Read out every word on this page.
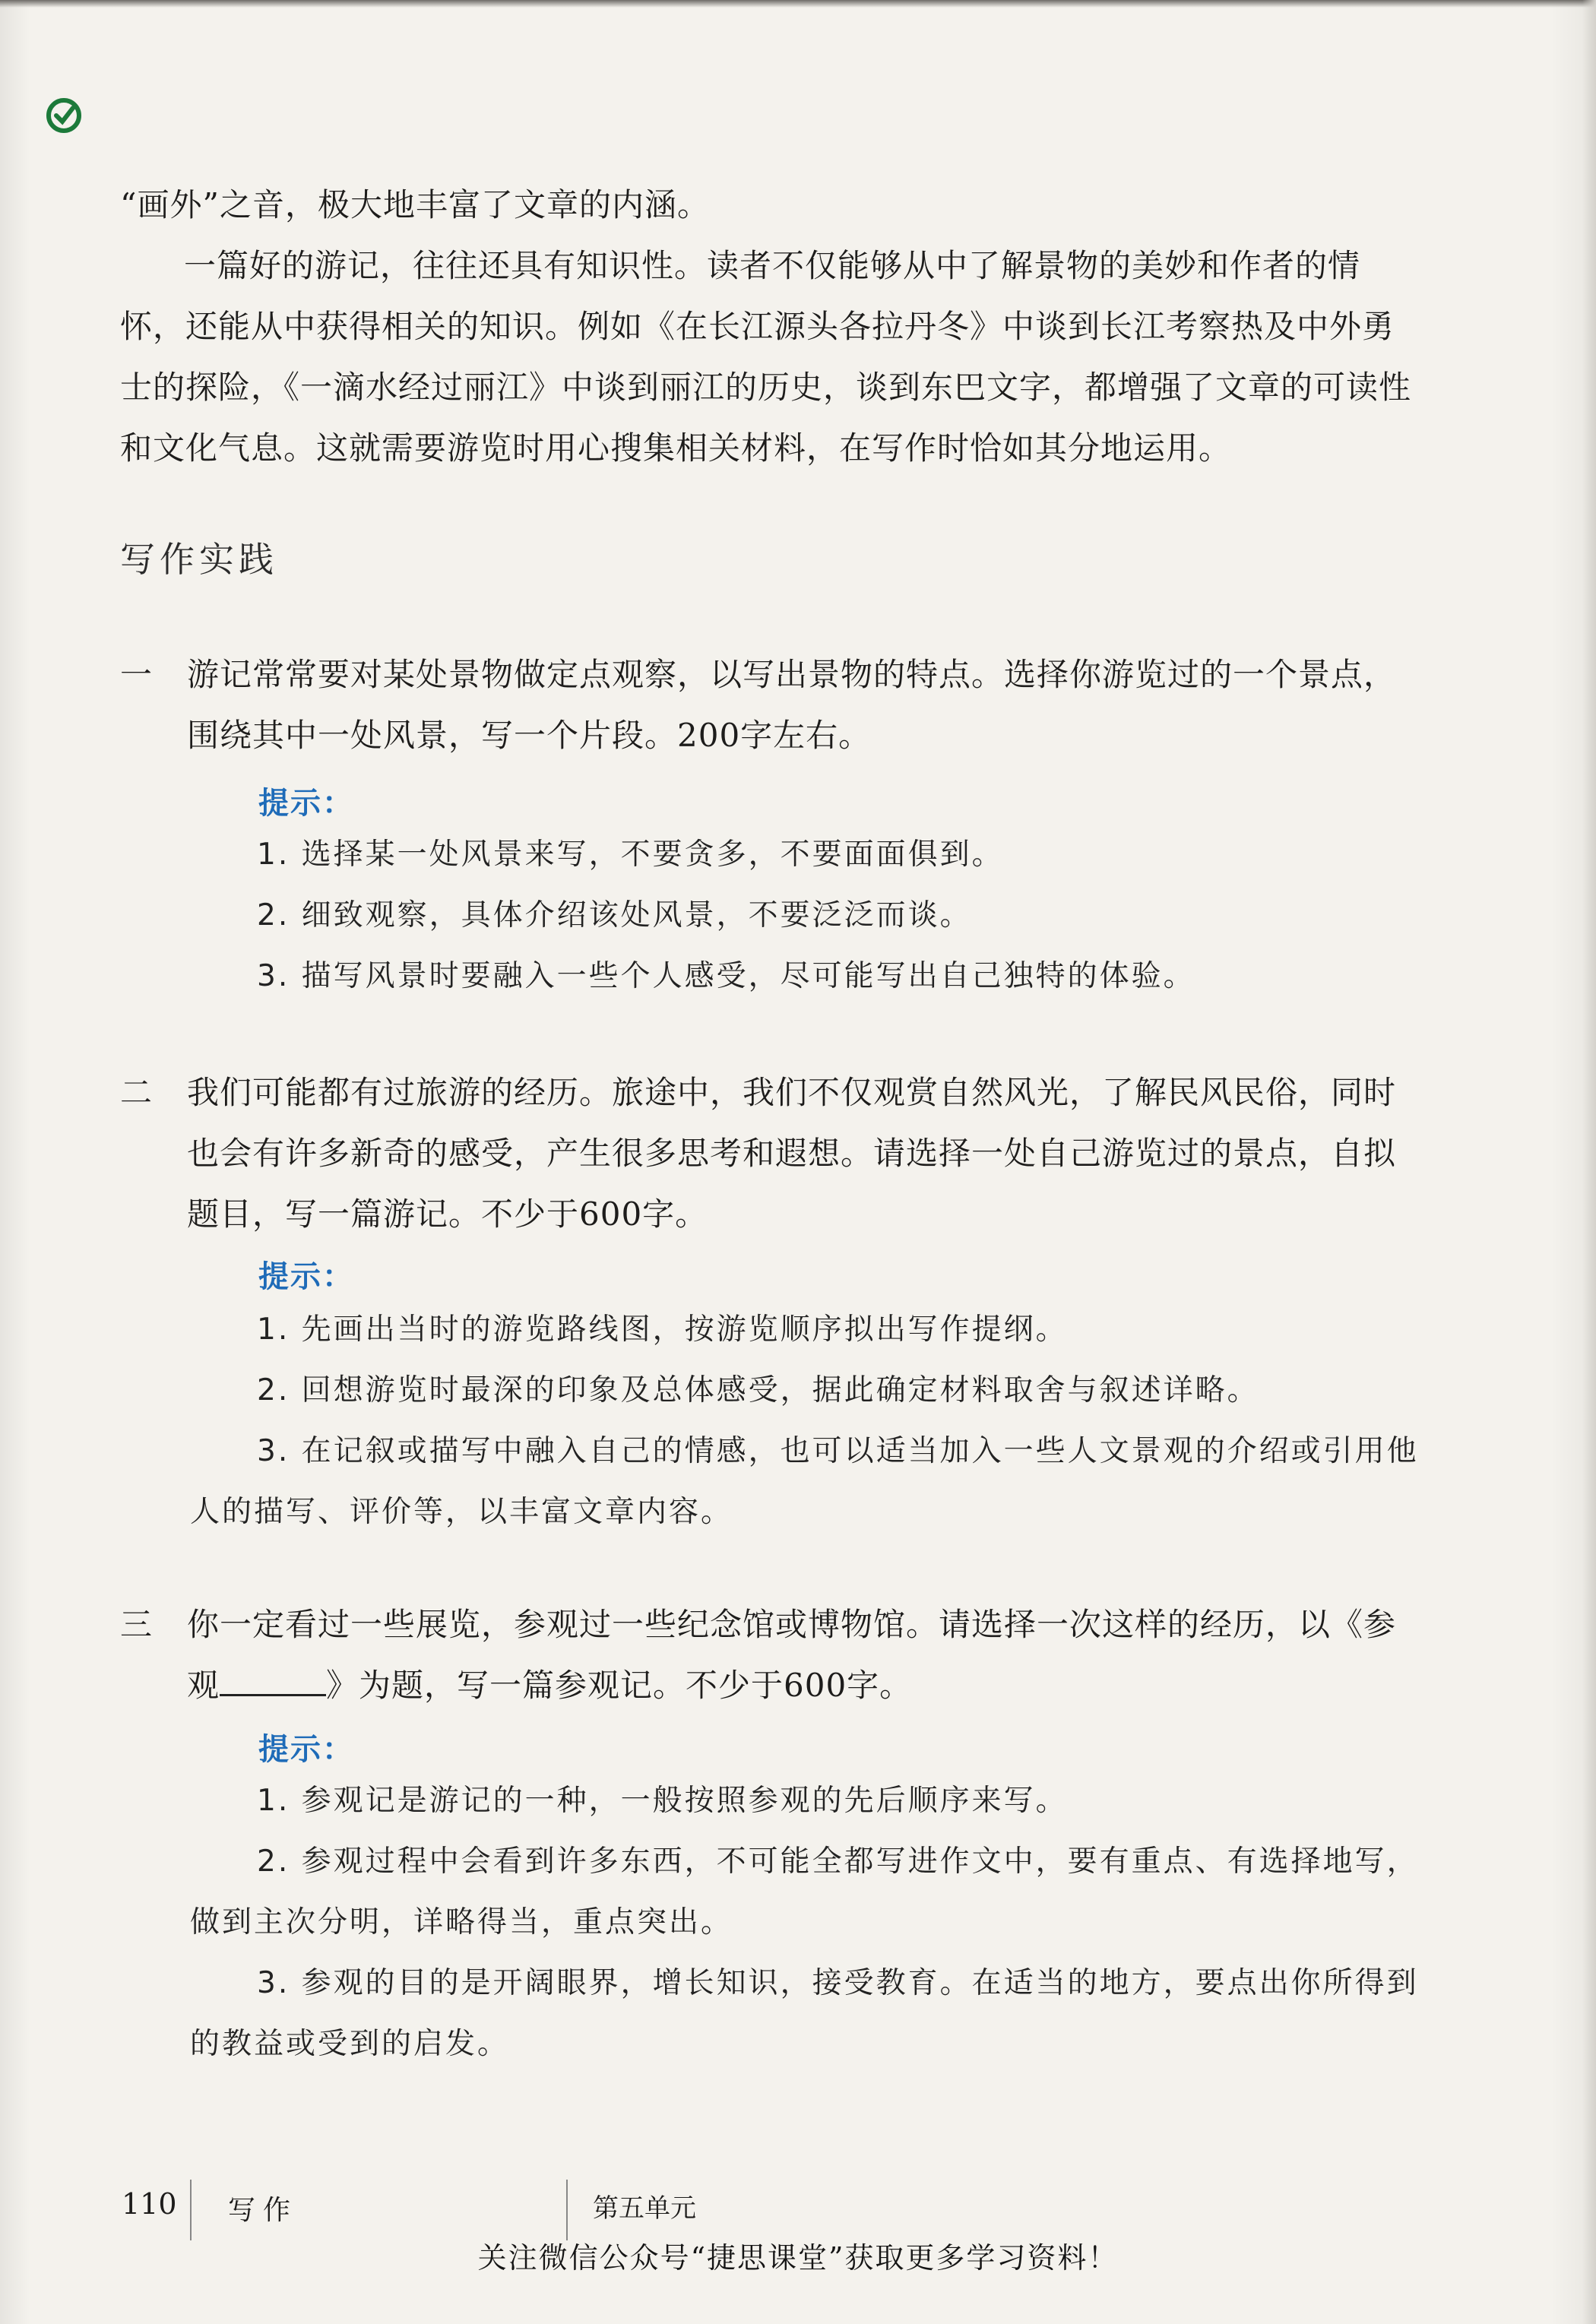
“画外”之音，极大地丰富了文章的内涵。

一篇好的游记，往往还具有知识性。读者不仅能够从中了解景物的美妙和作者的情怀，还能从中获得相关的知识。例如《在长江源头各拉丹冬》中谈到长江考察热及中外勇士的探险，《一滴水经过丽江》中谈到丽江的历史，谈到东巴文字，都增强了文章的可读性和文化气息。这就需要游览时用心搜集相关材料，在写作时恰如其分地运用。

写作实践
一	游记常常要对某处景物做定点观察，以写出景物的特点。选择你游览过的一个景点，围绕其中一处风景，写一个片段。200字左右。
提示：

1. 选择某一处风景来写，不要贪多，不要面面俱到。

2. 细致观察，具体介绍该处风景，不要泛泛而谈。

3. 描写风景时要融入一些个人感受，尽可能写出自己独特的体验。

二	我们可能都有过旅游的经历。旅途中，我们不仅观赏自然风光，了解民风民俗，同时也会有许多新奇的感受，产生很多思考和遐想。请选择一处自己游览过的景点，自拟题目，写一篇游记。不少于600字。
提示：

1. 先画出当时的游览路线图，按游览顺序拟出写作提纲。

2. 回想游览时最深的印象及总体感受，据此确定材料取舍与叙述详略。

3. 在记叙或描写中融入自己的情感，也可以适当加入一些人文景观的介绍或引用他人的描写、评价等，以丰富文章内容。

三	你一定看过一些展览，参观过一些纪念馆或博物馆。请选择一次这样的经历，以《参观	》为题，写一篇参观记。不少于600字。
提示：

1. 参观记是游记的一种，一般按照参观的先后顺序来写。

2. 参观过程中会看到许多东西，不可能全都写进作文中，要有重点、有选择地写，做到主次分明，详略得当，重点突出。

3. 参观的目的是开阔眼界，增长知识，接受教育。在适当的地方，要点出你所得到的教益或受到的启发。

110 写作	第五单元
关注微信公众号“捷思课堂”获取更多学习资料！
